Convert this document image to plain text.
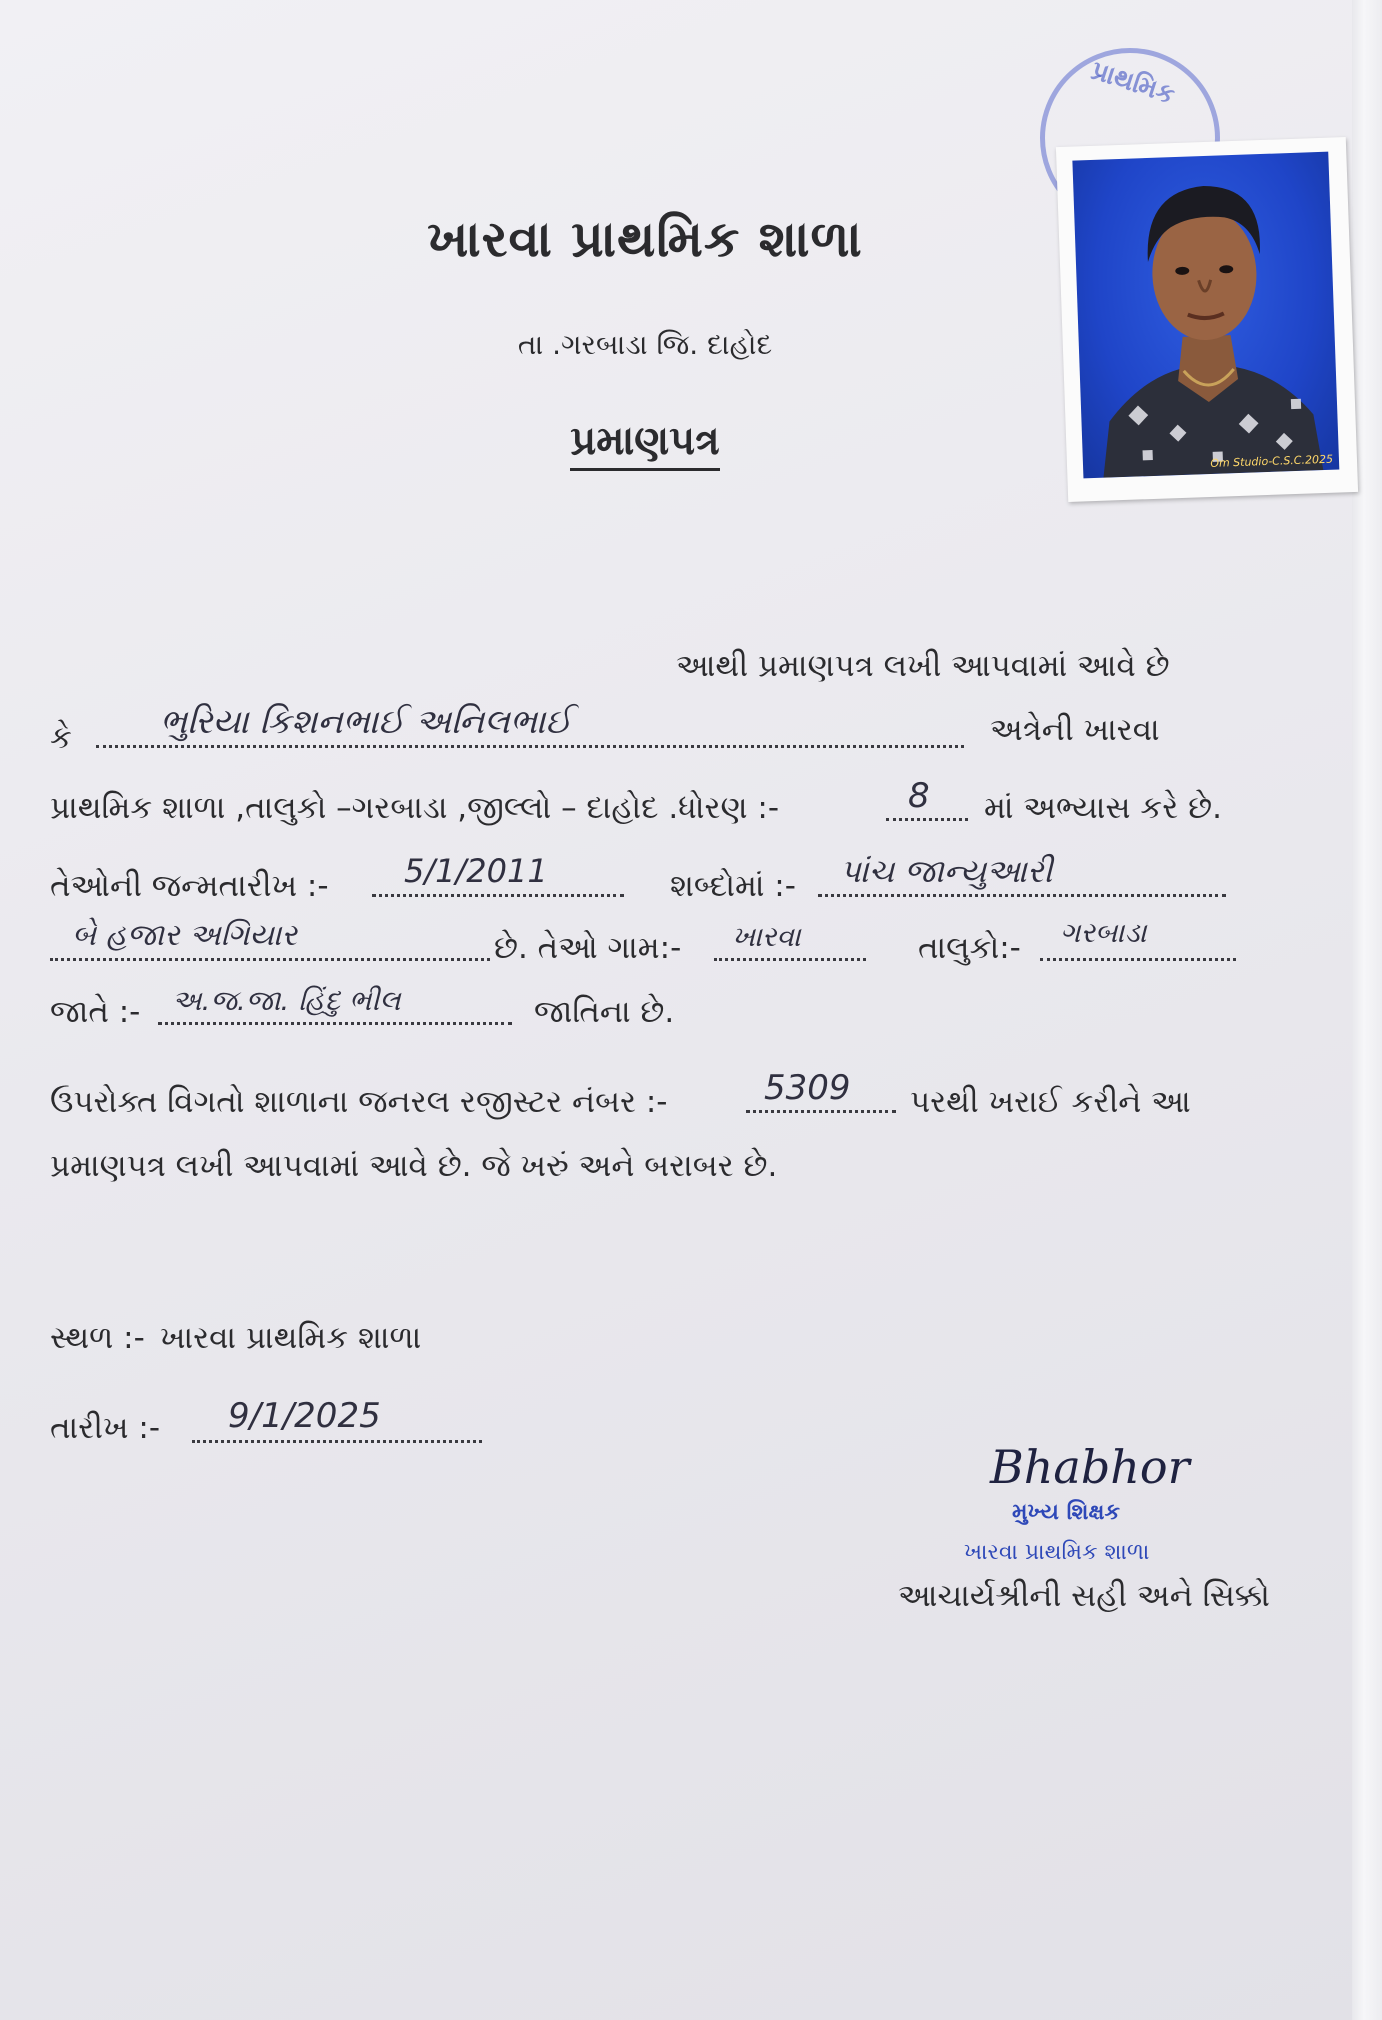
ખારવા પ્રાથમિક શાળા
તા .ગરબાડા જિ. દાહોદ
પ્રમાણપત્ર
પ્રાથમિક
Om Studio-C.S.C.2025
આથી પ્રમાણપત્ર લખી આપવામાં આવે છે
કે	ભુરિયા કિશનભાઈ અનિલભાઈ	અત્રેની ખારવા
પ્રાથમિક શાળા ,તાલુકો –ગરબાડા ,જીલ્લો – દાહોદ .ધોરણ :-	8 માં અભ્યાસ કરે છે.
તેઓની જન્મતારીખ :- 5/1/2011	શબ્દોમાં :- પાંચ જાન્યુઆરી
બે હજાર અગિયાર	છે. તેઓ ગામ:- ખારવા	તાલુકો:- ગરબાડા
જાતે :- અ.જ.જા. હિંદુ ભીલ	જાતિના છે.
ઉપરોક્ત વિગતો શાળાના જનરલ રજીસ્ટર નંબર :-	5309 પરથી ખરાઈ કરીને આ
પ્રમાણપત્ર લખી આપવામાં આવે છે. જે ખરું અને બરાબર છે.
સ્થળ :- ખારવા પ્રાથમિક શાળા
તારીખ :- 9/1/2025
Bhabhor
મુખ્ય શિક્ષક
ખારવા પ્રાથમિક શાળા
આચાર્યશ્રીની સહી અને સિક્કો
